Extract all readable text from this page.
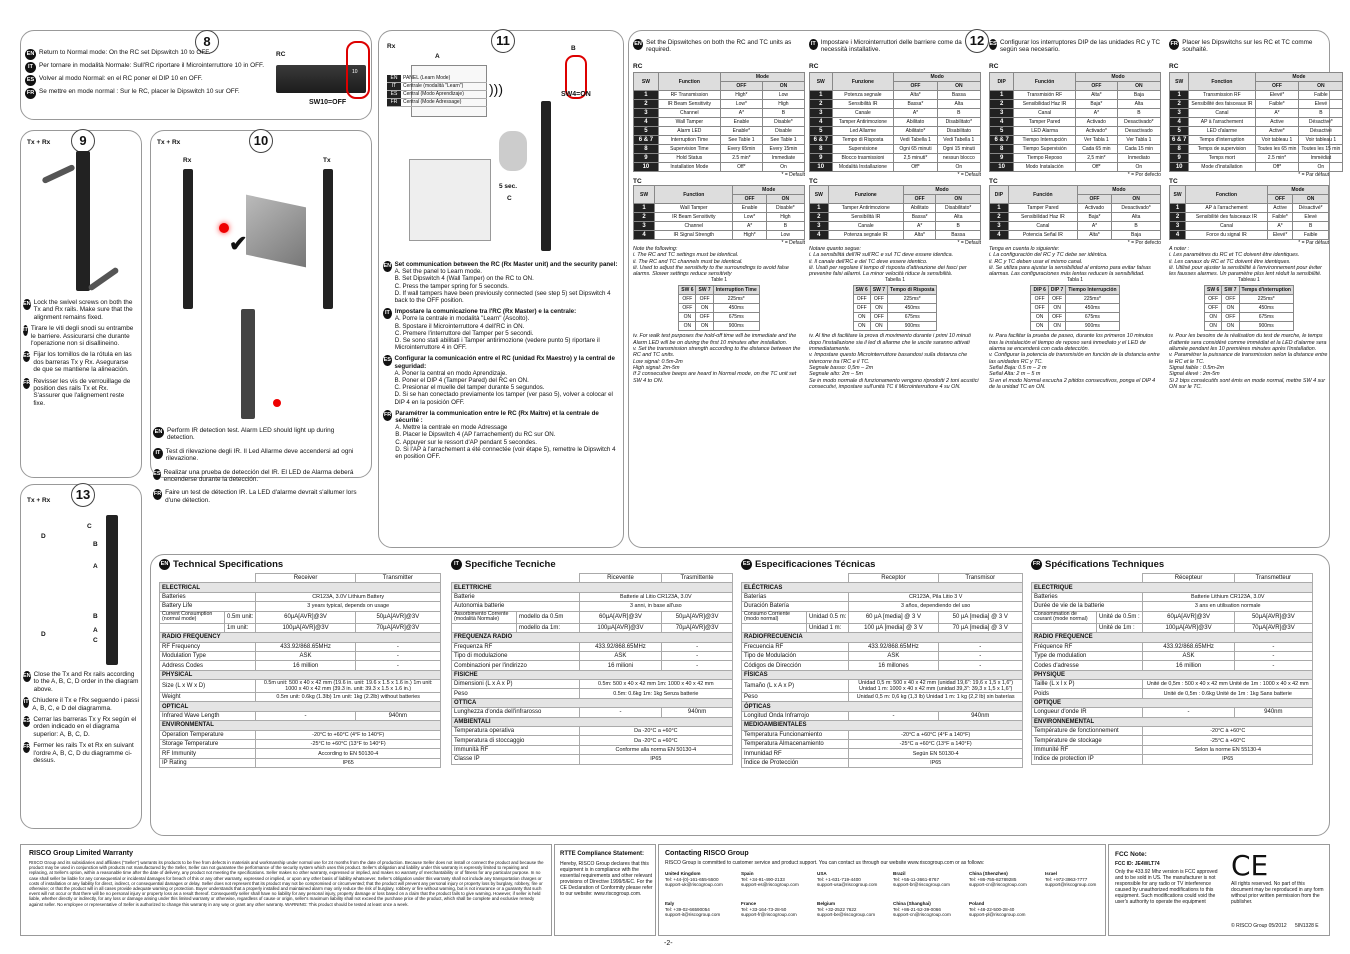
8
EN Return to Normal mode: On the RC set Dipswitch 10 to OFF.
IT Per tornare in modalità Normale: Sull'RC riportare il Microinterruttore 10 in OFF.
ES Volver al modo Normal: en el RC poner el DIP 10 en OFF.
FR Se mettre en mode normal : Sur le RC, placer le Dipswitch 10 sur OFF.
RC
10
SW10=OFF
9
Tx + Rx
EN Lock the swivel screws on both the Tx and Rx rails. Make sure that the alignment remains fixed.
IT Tirare le viti degli snodi su entrambe le barriere. Assicurarsi che durante l'operazione non si disallineino.
ES Fijar los tornillos de la rótula en las dos barreras Tx y Rx. Asegurarse de que se mantiene la alineación.
FR Revisser les vis de verrouillage de position des rails Tx et Rx. S'assurer que l'alignement reste fixe.
10
Tx + Rx
Rx	Tx
✔
EN Perform IR detection test. Alarm LED should light up during detection.
IT Test di rilevazione degli IR. Il Led Allarme deve accendersi ad ogni rilevazione.
ES Realizar una prueba de detección del IR. El LED de Alarma deberá encenderse durante la detección.
FR Faire un test de détection IR. La LED d'alarme devrait s'allumer lors d'une détection.
13
Tx + Rx
C
D
B
A
B
D
A
C
EN Close the Tx and Rx rails according to the A, B, C, D order in the diagram above.
IT Chiudere il Tx e l'Rx seguendo i passi A, B, C, e D del diagramma.
ES Cerrar las barreras Tx y Rx según el orden indicado en el diagrama superior: A, B, C, D.
FR Fermer les rails Tx et Rx en suivant l'ordre A, B, C, D du diagramme ci-dessus.
11
Rx
A
EN	PANEL (Learn Mode)
IT	Centrale (modalità "Learn")
ES	Central (Modo Aprendizaje)
FR	Central (Mode Adressage)
)))
B
SW4=ON
5 sec.
C
EN Set communication between the RC (Rx Master unit) and the security panel:
A. Set the panel to Learn mode.
B. Set Dipswitch 4 (Wall Tamper) on the RC to ON.
C. Press the tamper spring for 5 seconds.
D. If wall tampers have been previously connected (see step 5) set Dipswitch 4 back to the OFF position.
IT Impostare la comunicazione tra l'RC (Rx Master) e la centrale:
A. Porre la centrale in modalità "Learn" (Ascolto).
B. Spostare il Microinterruttore 4 dell'RC in ON.
C. Premere l'interruttore del Tamper per 5 secondi.
D. Se sono stati abilitati i Tamper antirimozione (vedere punto 5) riportare il Microinterruttore 4 in OFF.
ES Configurar la comunicación entre el RC (unidad Rx Maestro) y la central de seguridad:
A. Poner la central en modo Aprendizaje.
B. Poner el DIP 4 (Tamper Pared) del RC en ON.
C. Presionar el muelle del tamper durante 5 segundos.
D. Si se han conectado previamente los tamper (ver paso 5), volver a colocar el DIP 4 en la posición OFF.
FR Paramétrer la communication entre le RC (Rx Maître) et la centrale de sécurité :
A. Mettre la centrale en mode Adressage
B. Placer le Dipswitch 4 (AP l'arrachement) du RC sur ON.
C. Appuyer sur le ressort d'AP pendant 5 secondes.
D. Si l'AP à l'arrachement a été connectée (voir étape 5), remettre le Dipswitch 4 en position OFF.
12
EN Set the Dipswitches on both the RC and TC units as required.
RC
SW	Function	Mode	
		OFF	ON
1	RF Transmission	High*	Low
2	IR Beam Sensitivity	Low*	High
3	Channel	A*	B
4	Wall Tamper	Enable	Disable*
5	Alarm LED	Enable*	Disable
6 & 7	Interruption Time	See Table 1	See Table 1
8	Supervision Time	Every 65min	Every 15min
9	Hold Status	2.5 min*	Immediate
10	Installation Mode	Off*	On
* = Default
TC
SW	Function	Mode	
		OFF	ON
1	Wall Tamper	Enable	Disable*
2	IR Beam Sensitivity	Low*	High
3	Channel	A*	B
4	IR Signal Strength	High*	Low
* = Default
Note the following:
i. The RC and TC settings must be identical.
ii. The RC and TC channels must be identical.
iii. Used to adjust the sensitivity to the surroundings to avoid false alarms. Slower settings reduce sensitivity
Table 1
SW 6	SW 7	Interruption Time
OFF	OFF	225ms*
OFF	ON	450ms
ON	OFF	675ms
ON	ON	900ms
iv. For walk test purposes the hold-off time will be immediate and the Alarm LED will be on during the first 10 minutes after installation.
v. Set the transmission strength according to the distance between the RC and TC units.
Low signal: 0.5m-2m
High signal: 2m-5m
If 2 consecutive beeps are heard in Normal mode, on the TC unit set SW 4 to ON.
IT Impostare i Microinterruttori delle barriere come da necessità installative.
RC
SW	Funzione	Modo	
		OFF	ON
1	Potenza segnale	Alta*	Bassa
2	Sensibilità IR	Bassa*	Alta
3	Canale	A*	B
4	Tamper Antirimozione	Abilitato	Disabilitato*
5	Led Allarme	Abilitato*	Disabilitato
6 & 7	Tempo di Risposta	Vedi Tabella 1	Vedi Tabella 1
8	Supervisione	Ogni 65 minuti	Ogni 15 minuti
9	Blocco trasmissioni	2,5 minuti*	nessun blocco
10	Modalità Installazione	Off*	On
* = Default
TC
SW	Funzione	Modo	
		OFF	ON
1	Tamper Antirimozione	Abilitato	Disabilitato*
2	Sensibilità IR	Bassa*	Alta
3	Canale	A*	B
4	Potenza segnale IR	Alta*	Bassa
* = Default
Notare quanto segue:
i. La sensibilità dell'IR sull'RC e sul TC deve essere identica.
ii. Il canale dell'RC e del TC deve essere identico.
iii. Usati per regolare il tempo di risposta d'attivazione dei fasci per prevenire falsi allarmi. La minor velocità riduce la sensibilità.
Tabella 1
SW 6	SW 7	Tempo di Risposta
OFF	OFF	225ms*
OFF	ON	450ms
ON	OFF	675ms
ON	ON	900ms
iv. Al fine di facilitare la prova di movimento durante i primi 10 minuti dopo l'installazione sia il led di allarme che le uscite saranno attivati immediatamente.
v. Impostare questo Microinterruttore basandosi sulla distanza che intercorre tra l'RC e il TC.
Segnale basso: 0,5m – 2m
Segnale alto: 2m – 5m
Se in modo normale di funzionamento vengono riprodotti 2 toni acustici consecutivi, impostare sull'unità TC il Microinterruttore 4 su ON.
ES Configurar los interruptores DIP de las unidades RC y TC según sea necesario.
RC
DIP	Función	Modo	
		OFF	ON
1	Transmisión RF	Alta*	Baja
2	Sensibilidad Haz IR	Baja*	Alta
3	Canal	A*	B
4	Tamper Pared	Activado	Desactivado*
5	LED Alarma	Activado*	Desactivado
6 & 7	Tiempo Interrupción	Ver Tabla 1	Ver Tabla 1
8	Tiempo Supervisión	Cada 65 min	Cada 15 min
9	Tiempo Reposo	2,5 min*	Inmediato
10	Modo Instalación	Off*	On
* = Por defecto
TC
DIP	Función	Modo	
		OFF	ON
1	Tamper Pared	Activado	Desactivado*
2	Sensibilidad Haz IR	Baja*	Alta
3	Canal	A*	B
4	Potencia Señal IR	Alta*	Baja
* = Por defecto
Tenga en cuenta lo siguiente:
i. La configuración del RC y TC debe ser idéntica.
ii. RC y TC deben usar el mismo canal.
iii. Se utiliza para ajustar la sensibilidad al entorno para evitar falsas alarmas. Las configuraciones más lentas reducen la sensibilidad.
Tabla 1
DIP 6	DIP 7	Tiempo Interrupción
OFF	OFF	225ms*
OFF	ON	450ms
ON	OFF	675ms
ON	ON	900ms
iv. Para facilitar la prueba de paseo, durante los primeros 10 minutos tras la instalación el tiempo de reposo será inmediato y el LED de alarma se encenderá con cada detección.
v. Configurar la potencia de transmisión en función de la distancia entre las unidades RC y TC.
Señal Baja: 0.5 m – 2 m
Señal Alta: 2 m – 5 m
Si en el modo Normal escucha 2 pitidos consecutivos, ponga el DIP 4 de la unidad TC en ON.
FR Placer les Dipswitchs sur les RC et TC comme souhaité.
RC
SW	Fonction	Mode	
		OFF	ON
1	Transmission RF	Elevé*	Faible
2	Sensibilité des faisceaux IR	Faible*	Elevé
3	Canal	A*	B
4	AP à l'arrachement	Active	Désactivé*
5	LED d'alarme	Active*	Désactivé
6 & 7	Temps d'interruption	Voir tableau 1	Voir tableau 1
8	Temps de supervision	Toutes les 65 min	Toutes les 15 min
9	Temps mort	2.5 min*	Immédiat
10	Mode d'installation	Off*	On
* = Par défaut
TC
SW	Fonction	Mode	
		OFF	ON
1	AP à l'arrachement	Active	Désactivé*
2	Sensibilité des faisceaux IR	Faible*	Elevé
3	Canal	A*	B
4	Force du signal IR	Elevé*	Faible
* = Par défaut
A noter :
i. Les paramètres du RC et TC doivent être identiques.
ii. Les canaux du RC et TC doivent être identiques.
iii. Utilisé pour ajuster la sensibilité à l'environnement pour éviter les fausses alarmes. Un paramètre plus lent réduit la sensibilité.
Tableau 1
SW 6	SW 7	Temps d'interruption
OFF	OFF	225ms*
OFF	ON	450ms
ON	OFF	675ms
ON	ON	900ms
iv. Pour les besoins de la réalisation du test de marche, le temps d'attente sera considéré comme immédiat et la LED d'alarme sera allumée pendant les 10 premières minutes après l'installation.
v. Paramétrer la puissance de transmission selon la distance entre le RC et le TC.
Signal faible : 0.5m-2m
Signal élevé : 2m-5m
Si 2 bips consécutifs sont émis en mode normal, mettre SW 4 sur ON sur le TC.
EN Technical Specifications
		Receiver	Transmitter
ELECTRICAL			
Batteries		CR123A, 3.0V Lithium Battery	
Battery Life		3 years typical, depends on usage	
Current Consumption (normal mode)	0.5m unit:	60µA[AVR]@3V	50µA[AVR]@3V
	1m unit:	100µA[AVR]@3V	70µA[AVR]@3V
RADIO FREQUENCY			
RF Frequency		433.92/868.65MHz	-
Modulation Type		ASK	-
Address Codes		16 million	-
PHYSICAL			
Size (L x W x D)		0.5m unit: 500 x 40 x 42 mm (19.6 in. unit: 19.6 x 1.5 x 1.6 in.) 1m unit: 1000 x 40 x 42 mm (39.3 in. unit: 39.3 x 1.5 x 1.6 in.)	
Weight		0.5m unit: 0.6kg (1.3lb) 1m unit: 1kg (2.2lb) without batteries	
OPTICAL			
Infrared Wave Length		-	940nm
ENVIRONMENTAL			
Operation Temperature		-20°C to +60°C (4°F to 140°F)	
Storage Temperature		-25°C to +60°C (13°F to 140°F)	
RF Immunity		According to EN 50130-4	
IP Rating		IP65	
IT Specifiche Tecniche
		Ricevente	Trasmittente
ELETTRICHE			
Batterie		Batterie al Litio CR123A, 3.0V	
Autonomia batterie		3 anni, in base all'uso	
Assorbimento Corrente (modalità Normale)	modello da 0.5m	60µA[AVR]@3V	50µA[AVR]@3V
	modello da 1m:	100µA[AVR]@3V	70µA[AVR]@3V
FREQUENZA RADIO			
Frequenza RF		433.92/868.65MHz	-
Tipo di modulazione		ASK	-
Combinazioni per l'indirizzo		16 milioni	-
FISICHE			
Dimensioni (L x A x P)		0.5m: 500 x 40 x 42 mm 1m: 1000 x 40 x 42 mm	
Peso		0.5m: 0.6kg 1m: 1kg Senza batterie	
OTTICA			
Lunghezza d'onda dell'infrarosso		-	940nm
AMBIENTALI			
Temperatura operativa		Da -20°C a +60°C	
Temperatura di stoccaggio		Da -20°C a +60°C	
Immunità RF		Conforme alla norma EN 50130-4	
Classe IP		IP65	
ES Especificaciones Técnicas
		Receptor	Transmisor
ELÉCTRICAS			
Baterías		CR123A, Pila Litio 3 V	
Duración Batería		3 años, dependiendo del uso	
Consumo Corriente (modo normal)	Unidad 0.5 m:	60 µA [media] @ 3 V	50 µA [media] @ 3 V
	Unidad 1 m:	100 µA [media] @ 3 V	70 µA [media] @ 3 V
RADIOFRECUENCIA			
Frecuencia RF		433.92/868.65MHz	-
Tipo de Modulación		ASK	-
Códigos de Dirección		16 millones	-
FÍSICAS			
Tamaño (L x A x P)		Unidad 0,5 m: 500 x 40 x 42 mm (unidad 19,6": 19,6 x 1,5 x 1,6") Unidad 1 m: 1000 x 40 x 42 mm (unidad 39,3": 39,3 x 1,5 x 1,6")	
Peso		Unidad 0,5 m: 0,6 kg (1,3 lb) Unidad 1 m: 1 kg (2,2 lb) sin baterías	
ÓPTICAS			
Longitud Onda Infrarrojo		-	940nm
MEDIOAMBIENTALES			
Temperatura Funcionamiento		-20°C a +60°C (4°F a 140°F)	
Temperatura Almacenamiento		-25°C a +60°C (13°F a 140°F)	
Inmunidad RF		Según EN 50130-4	
Índice de Protección		IP65	
FR Spécifications Techniques
		Récepteur	Transmetteur
ELECTRIQUE			
Batteries		Batterie Lithium CR123A, 3.0V	
Durée de vie de la batterie		3 ans en utilisation normale	
Consommation de courant (mode normal)	Unité de 0.5m :	60µA[AVR]@3V	50µA[AVR]@3V
	Unité de 1m :	100µA[AVR]@3V	70µA[AVR]@3V
RADIO FREQUENCE			
Fréquence RF		433.92/868.65MHz	-
Type de modulation		ASK	-
Codes d'adresse		16 million	-
PHYSIQUE			
Taille (L x l x P)		Unité de 0,5m : 500 x 40 x 42 mm Unité de 1m : 1000 x 40 x 42 mm	
Poids		Unité de 0,5m : 0.6kg Unité de 1m : 1kg Sans batterie	
OPTIQUE			
Longueur d'onde IR		-	940nm
ENVIRONNEMENTAL			
Température de fonctionnement		-20°C à +60°C	
Température de stockage		-25°C à +60°C	
Immunité RF		Selon la norme EN 55130-4	
Indice de protection IP		IP65	
RISCO Group Limited Warranty
RISCO Group and its subsidiaries and affiliates ("Seller") warrants its products to be free from defects in materials and workmanship under normal use for 24 months from the date of production. Because Seller does not install or connect the product and because the product may be used in conjunction with products not manufactured by the Seller, Seller can not guarantee the performance of the security system which uses this product. Seller's obligation and liability under this warranty is expressly limited to repairing and replacing, at Seller's option, within a reasonable time after the date of delivery, any product not meeting the specifications. Seller makes no other warranty, expressed or implied, and makes no warranty of merchantability or of fitness for any particular purpose. In no case shall seller be liable for any consequential or incidental damages for breach of this or any other warranty, expressed or implied, or upon any other basis of liability whatsoever. Seller's obligation under this warranty shall not include any transportation charges or costs of installation or any liability for direct, indirect, or consequential damages or delay. Seller does not represent that its product may not be compromised or circumvented; that the product will prevent any personal injury or property loss by burglary, robbery, fire or otherwise; or that the product will in all cases provide adequate warning or protection. Buyer understands that a properly installed and maintained alarm may only reduce the risk of burglary, robbery or fire without warning, but is not insurance or a guaranty that such event will not occur or that there will be no personal injury or property loss as a result thereof. Consequently seller shall have no liability for any personal injury, property damage or loss based on a claim that the product fails to give warning. However, if seller is held liable, whether directly or indirectly, for any loss or damage arising under this limited warranty or otherwise, regardless of cause or origin, seller's maximum liability shall not exceed the purchase price of the product, which shall be complete and exclusive remedy against seller. No employee or representative of Seller is authorized to change this warranty in any way or grant any other warranty. WARNING: This product should be tested at least once a week.
RTTE Compliance Statement:
Hereby, RISCO Group declares that this equipment is in compliance with the essential requirements and other relevant provisions of Directive 1999/5/EC. For the CE Declaration of Conformity please refer to our website: www.riscogroup.com.
Contacting RISCO Group
RISCO Group is committed to customer service and product support. You can contact us through our website www.riscogroup.com or as follows:
United Kingdom
Tel: +44-(0)-161-655-5500
support-uk@riscogroup.com
Spain
Tel: +34-91-490-2133
support-es@riscogroup.com
USA
Tel: +1-631-719-4400
support-usa@riscogroup.com
Brazil
Tel: +55-11-3661-8767
support-br@riscogroup.com
China (Shenzhen)
Tel: +86-755-82789285
support-cn@riscogroup.com
Israel
Tel: +972-3963-7777
support@riscogroup.com
Italy
Tel: +39-02-66590054
support-it@riscogroup.com
France
Tel: +33-164-73-28-50
support-fr@riscogroup.com
Belgium
Tel: +32-2522 7622
support-be@riscogroup.com
China (Shanghai)
Tel: +86-21-52-39-0066
support-cn@riscogroup.com
Poland
Tel: +48-22-500-28-40
support-pl@riscogroup.com
FCC Note:
FCC ID: JE4WLT74
Only the 433.92 Mhz version is FCC approved and to be sold in US. The manufacturer is not responsible for any radio or TV interference caused by unauthorized modifications to this equipment. Such modifications could void the user's authority to operate the equipment
CE
All rights reserved. No part of this document may be reproduced in any form without prior written permission from the publisher.
© RISCO Group 05/2012 5IN1328 E
-2-
